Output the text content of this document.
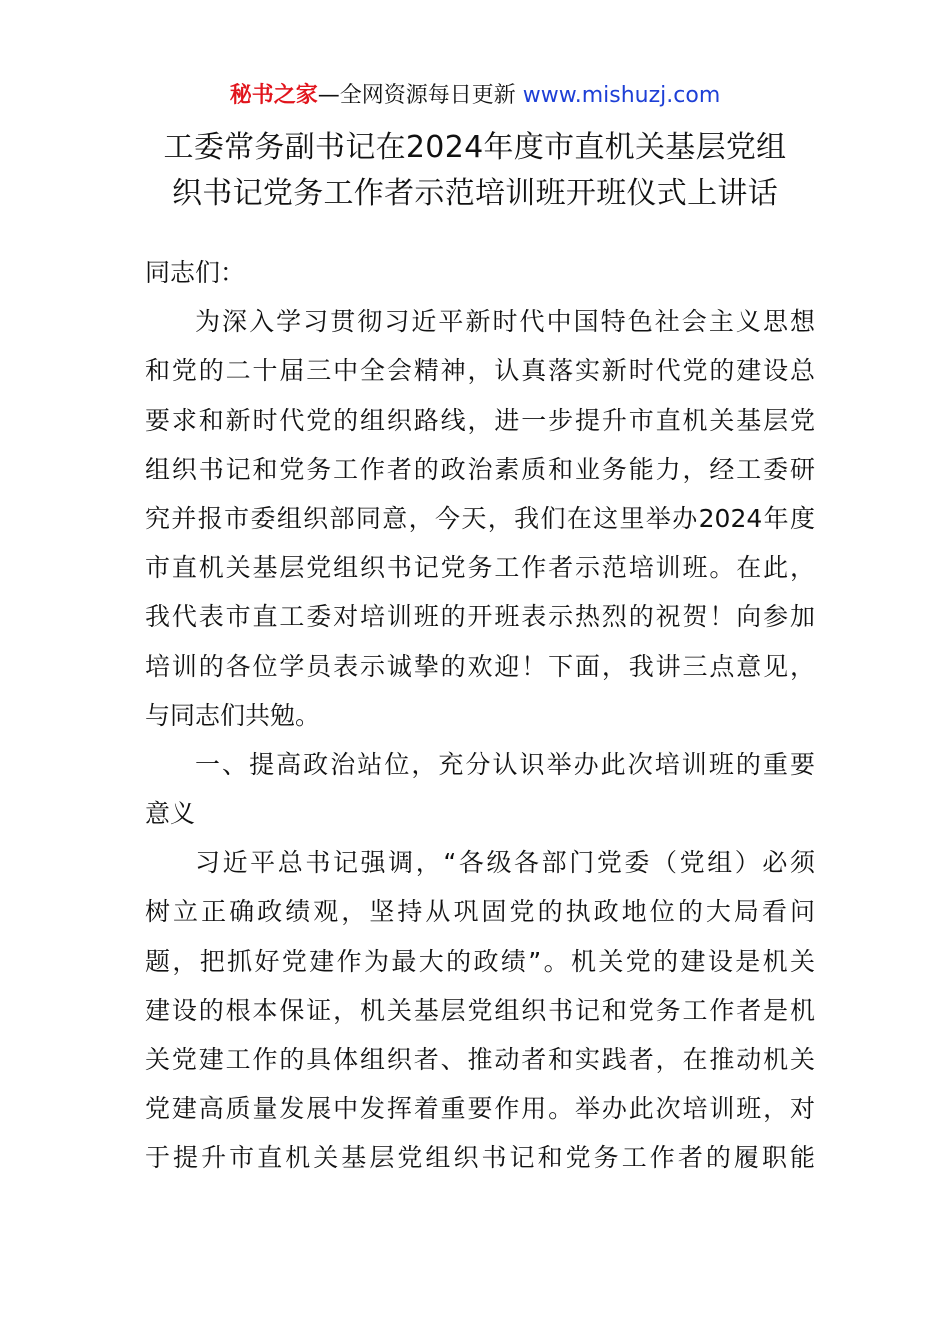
秘书之家—全网资源每日更新 www.mishuzj.com
工委常务副书记在2024年度市直机关基层党组
织书记党务工作者示范培训班开班仪式上讲话
同志们：
为深入学习贯彻习近平新时代中国特色社会主义思想
和党的二十届三中全会精神，认真落实新时代党的建设总
要求和新时代党的组织路线，进一步提升市直机关基层党
组织书记和党务工作者的政治素质和业务能力，经工委研
究并报市委组织部同意，今天，我们在这里举办2024年度
市直机关基层党组织书记党务工作者示范培训班。在此，
我代表市直工委对培训班的开班表示热烈的祝贺！向参加
培训的各位学员表示诚挚的欢迎！下面，我讲三点意见，
与同志们共勉。
一、提高政治站位，充分认识举办此次培训班的重要
意义
习近平总书记强调，“各级各部门党委（党组）必须
树立正确政绩观，坚持从巩固党的执政地位的大局看问
题，把抓好党建作为最大的政绩”。机关党的建设是机关
建设的根本保证，机关基层党组织书记和党务工作者是机
关党建工作的具体组织者、推动者和实践者，在推动机关
党建高质量发展中发挥着重要作用。举办此次培训班，对
于提升市直机关基层党组织书记和党务工作者的履职能
